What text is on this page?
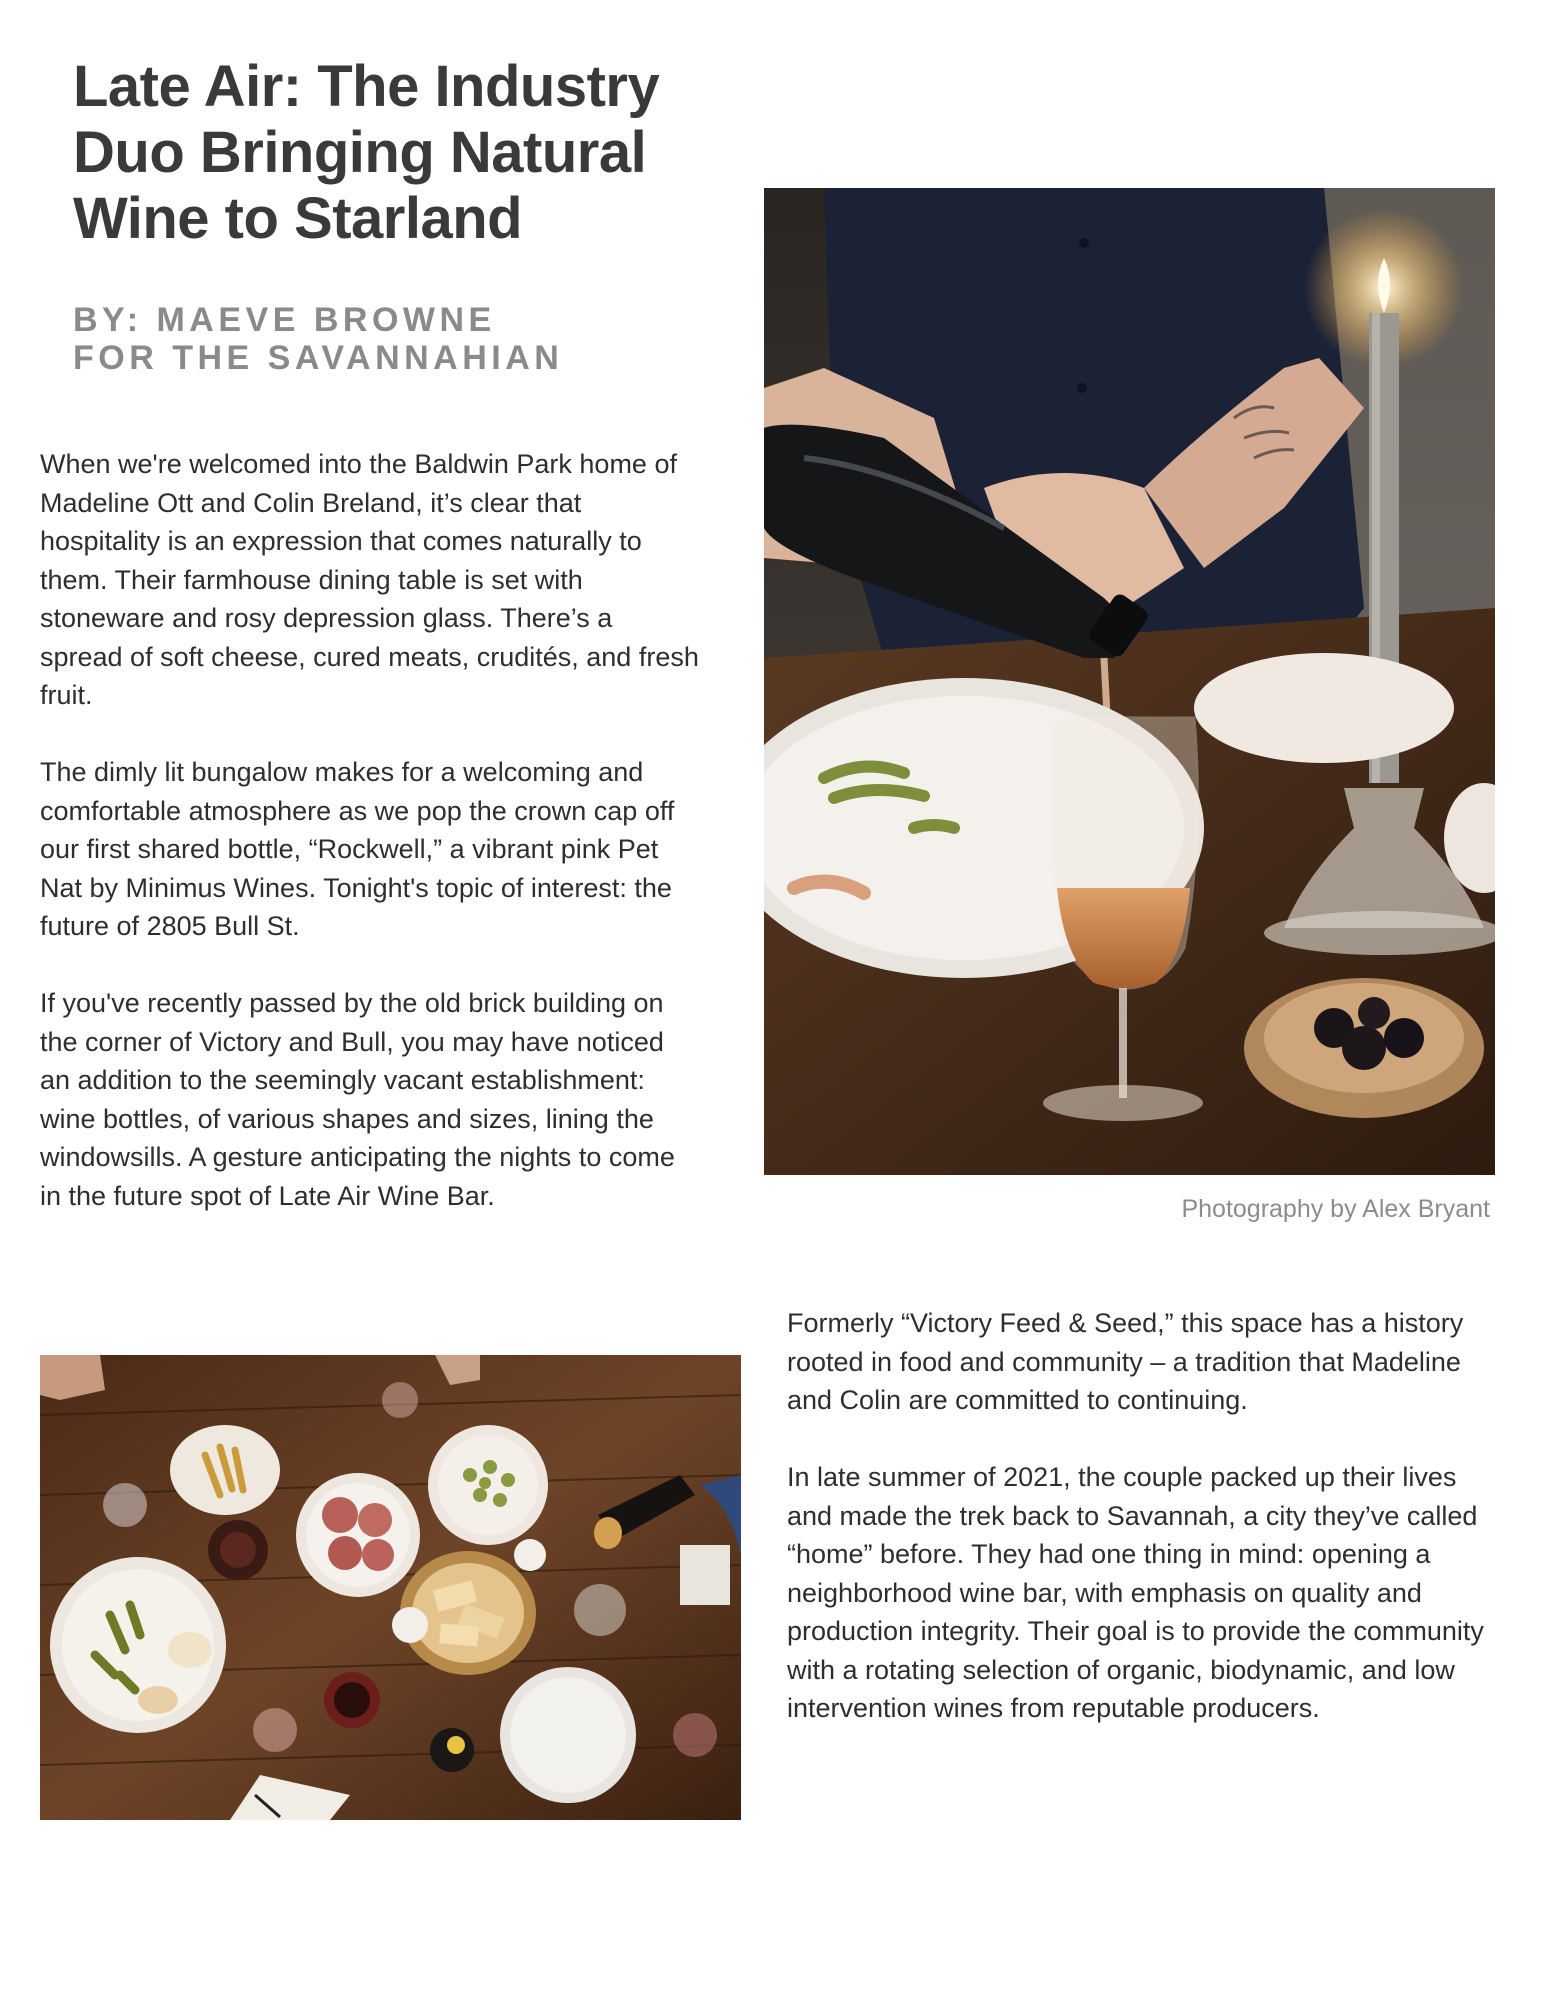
Late Air: The Industry Duo Bringing Natural Wine to Starland
BY: MAEVE BROWNE
FOR THE SAVANNAHIAN

When we're welcomed into the Baldwin Park home of Madeline Ott and Colin Breland, it’s clear that hospitality is an expression that comes naturally to them. Their farmhouse dining table is set with stoneware and rosy depression glass. There’s a spread of soft cheese, cured meats, crudités, and fresh fruit.

The dimly lit bungalow makes for a welcoming and comfortable atmosphere as we pop the crown cap off our first shared bottle, “Rockwell,” a vibrant pink Pet Nat by Minimus Wines. Tonight's topic of interest: the future of 2805 Bull St.

If you've recently passed by the old brick building on the corner of Victory and Bull, you may have noticed an addition to the seemingly vacant establishment: wine bottles, of various shapes and sizes, lining the windowsills. A gesture anticipating the nights to come in the future spot of Late Air Wine Bar.	Photography by Alex Bryant

Formerly “Victory Feed & Seed,” this space has a history rooted in food and community – a tradition that Madeline and Colin are committed to continuing.

In late summer of 2021, the couple packed up their lives and made the trek back to Savannah, a city they’ve called “home” before. They had one thing in mind: opening a neighborhood wine bar, with emphasis on quality and production integrity. Their goal is to provide the community with a rotating selection of organic, biodynamic, and low intervention wines from reputable producers.
